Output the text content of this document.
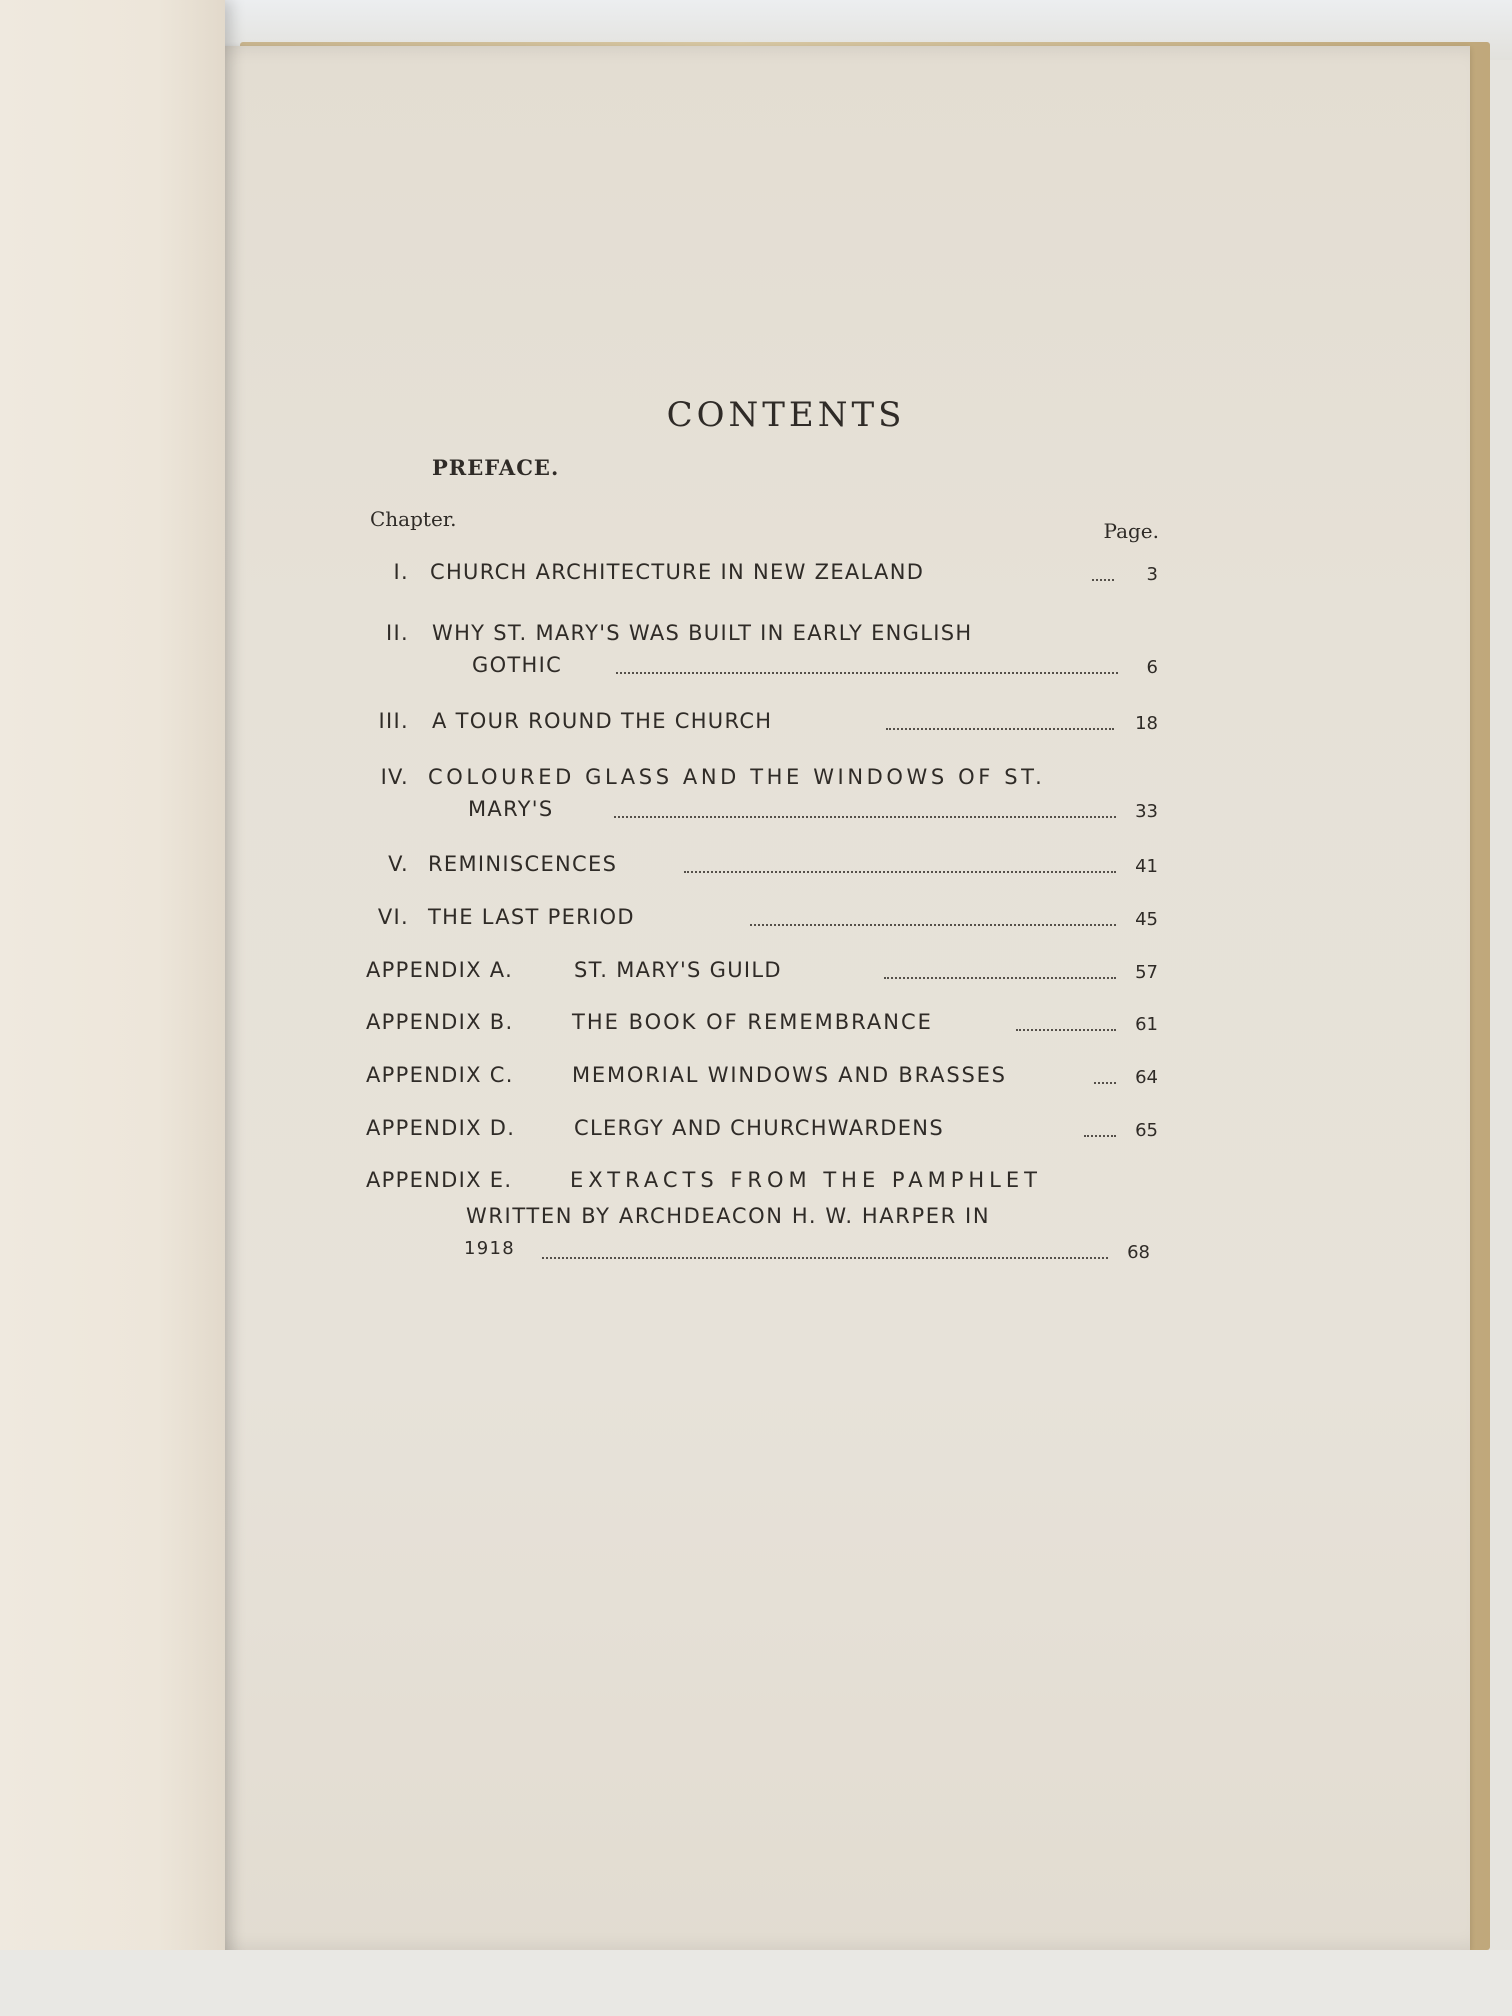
CONTENTS
PREFACE.
Chapter.	Page.
I. CHURCH ARCHITECTURE IN NEW ZEALAND	3
II. WHY ST. MARY'S WAS BUILT IN EARLY ENGLISH
GOTHIC	6
III. A TOUR ROUND THE CHURCH	18
IV. COLOURED GLASS AND THE WINDOWS OF ST.
MARY'S	33
V. REMINISCENCES	41
VI. THE LAST PERIOD	45
APPENDIX A.	ST. MARY'S GUILD	57
APPENDIX B.	THE BOOK OF REMEMBRANCE	61
APPENDIX C.	MEMORIAL WINDOWS AND BRASSES	64
APPENDIX D.	CLERGY AND CHURCHWARDENS	65
APPENDIX E.	EXTRACTS FROM THE PAMPHLET
WRITTEN BY ARCHDEACON H. W. HARPER IN
1918	68
